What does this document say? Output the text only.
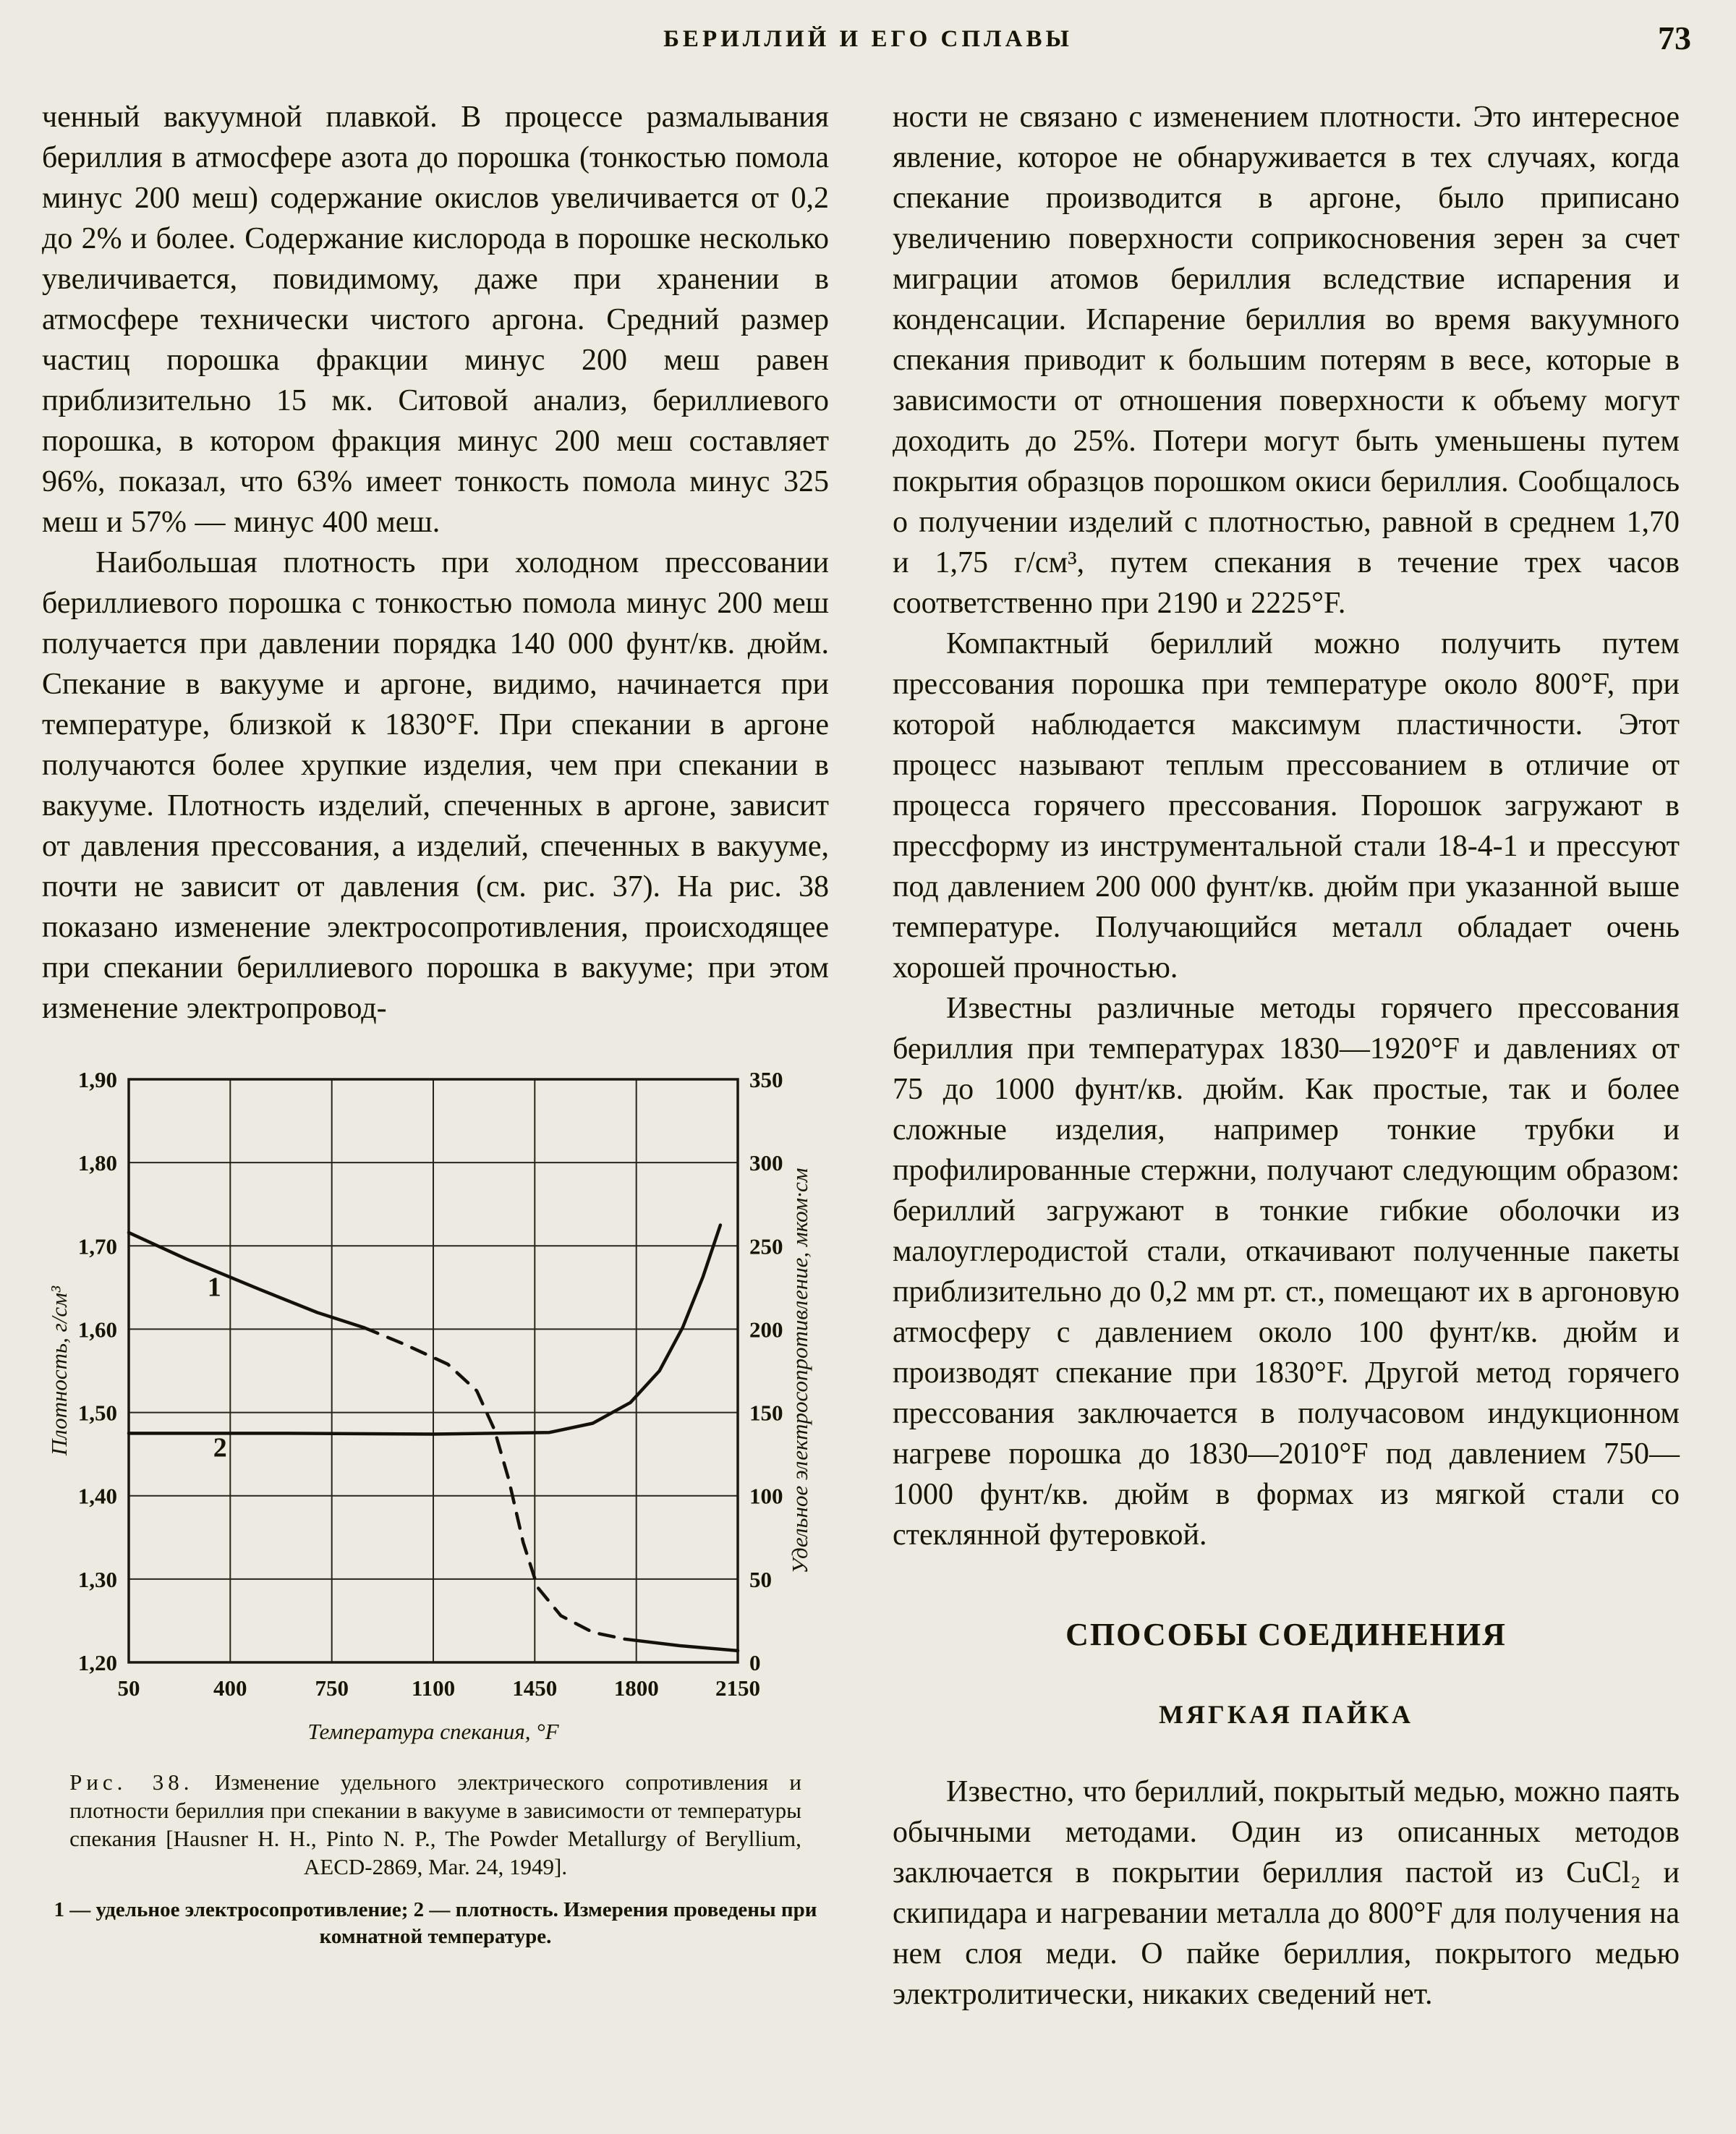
БЕРИЛЛИЙ И ЕГО СПЛАВЫ	73

ченный вакуумной плавкой. В процессе размалывания бериллия в атмосфере азота до порошка (тонкостью помола минус 200 меш) содержание окислов увеличивается от 0,2 до 2% и более. Содержание кислорода в порошке несколько увеличивается, повидимому, даже при хранении в атмосфере технически чистого аргона. Средний размер частиц порошка фракции минус 200 меш равен приблизительно 15 мк. Ситовой анализ, бериллиевого порошка, в котором фракция минус 200 меш составляет 96%, показал, что 63% имеет тонкость помола минус 325 меш и 57% — минус 400 меш.

Наибольшая плотность при холодном прессовании бериллиевого порошка с тонкостью помола минус 200 меш получается при давлении порядка 140 000 фунт/кв. дюйм. Спекание в вакууме и аргоне, видимо, начинается при температуре, близкой к 1830°F. При спекании в аргоне получаются более хрупкие изделия, чем при спекании в вакууме. Плотность изделий, спеченных в аргоне, зависит от давления прессования, а изделий, спеченных в вакууме, почти не зависит от давления (см. рис. 37). На рис. 38 показано изменение электросопротивления, происходящее при спекании бериллиевого порошка в вакууме; при этом изменение электропровод-

1,20
1,30
1,40
1,50
1,60
1,70
1,80
1,90
0
50
100
150
200
250
300
350
50	400	750	1100	1450	1800	2150
1
2
Плотность, г/см³	Удельное электросопротивление, мком·см
Температура спекания, °F
Рис. 38. Изменение удельного электрического сопротивления и плотности бериллия при спекании в вакууме в зависимости от температуры спекания [Hausner H. H., Pinto N. P., The Powder Metallurgy of Beryllium, AECD-2869, Mar. 24, 1949].
1 — удельное электросопротивление; 2 — плотность. Измерения проведены при комнатной температуре.

ности не связано с изменением плотности. Это интересное явление, которое не обнаруживается в тех случаях, когда спекание производится в аргоне, было приписано увеличению поверхности соприкосновения зерен за счет миграции атомов бериллия вследствие испарения и конденсации. Испарение бериллия во время вакуумного спекания приводит к большим потерям в весе, которые в зависимости от отношения поверхности к объему могут доходить до 25%. Потери могут быть уменьшены путем покрытия образцов порошком окиси бериллия. Сообщалось о получении изделий с плотностью, равной в среднем 1,70 и 1,75 г/см³, путем спекания в течение трех часов соответственно при 2190 и 2225°F.

Компактный бериллий можно получить путем прессования порошка при температуре около 800°F, при которой наблюдается максимум пластичности. Этот процесс называют теплым прессованием в отличие от процесса горячего прессования. Порошок загружают в прессформу из инструментальной стали 18-4-1 и прессуют под давлением 200 000 фунт/кв. дюйм при указанной выше температуре. Получающийся металл обладает очень хорошей прочностью.

Известны различные методы горячего прессования бериллия при температурах 1830—1920°F и давлениях от 75 до 1000 фунт/кв. дюйм. Как простые, так и более сложные изделия, например тонкие трубки и профилированные стержни, получают следующим образом: бериллий загружают в тонкие гибкие оболочки из малоуглеродистой стали, откачивают полученные пакеты приблизительно до 0,2 мм рт. ст., помещают их в аргоновую атмосферу с давлением около 100 фунт/кв. дюйм и производят спекание при 1830°F. Другой метод горячего прессования заключается в получасовом индукционном нагреве порошка до 1830—2010°F под давлением 750—1000 фунт/кв. дюйм в формах из мягкой стали со стеклянной футеровкой.

СПОСОБЫ СОЕДИНЕНИЯ
МЯГКАЯ ПАЙКА

Известно, что бериллий, покрытый медью, можно паять обычными методами. Один из описанных методов заключается в покрытии бериллия пастой из CuCl₂ и скипидара и нагревании металла до 800°F для получения на нем слоя меди. О пайке бериллия, покрытого медью электролитически, никаких сведений нет.
